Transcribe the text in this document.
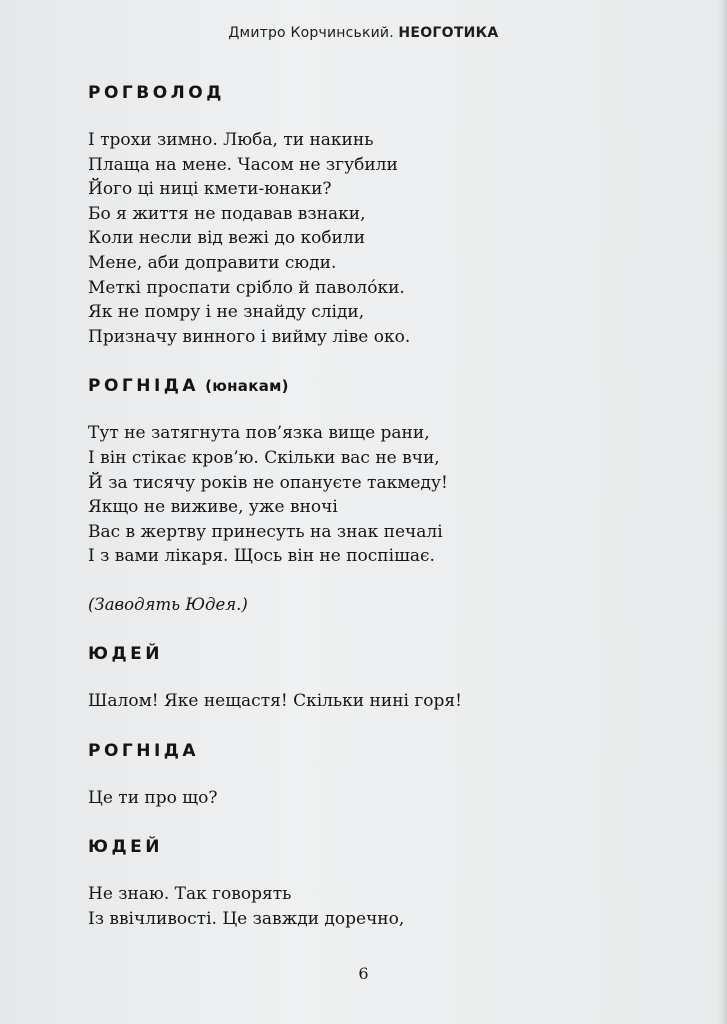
Дмитро Корчинський. НЕОГОТИКА
РОГВОЛОД
І трохи зимно. Люба, ти накинь
Плаща на мене. Часом не згубили
Його ці ниці кмети-юнаки?
Бо я життя не подавав взнаки,
Коли несли від вежі до кобили
Мене, аби доправити сюди.
Меткі проспати срібло й паволóки.
Як не помру і не знайду сліди,
Призначу винного і вийму ліве око.
РОГНІДА (юнакам)
Тут не затягнута пов’язка вище рани,
І він стікає кров’ю. Скільки вас не вчи,
Й за тисячу років не опануєте такмеду!
Якщо не виживе, уже вночі
Вас в жертву принесуть на знак печалі
І з вами лікаря. Щось він не поспішає.
(Заводять Юдея.)
ЮДЕЙ
Шалом! Яке нещастя! Скільки нині горя!
РОГНІДА
Це ти про що?
ЮДЕЙ
Не знаю. Так говорять
Із ввічливості. Це завжди доречно,
6
